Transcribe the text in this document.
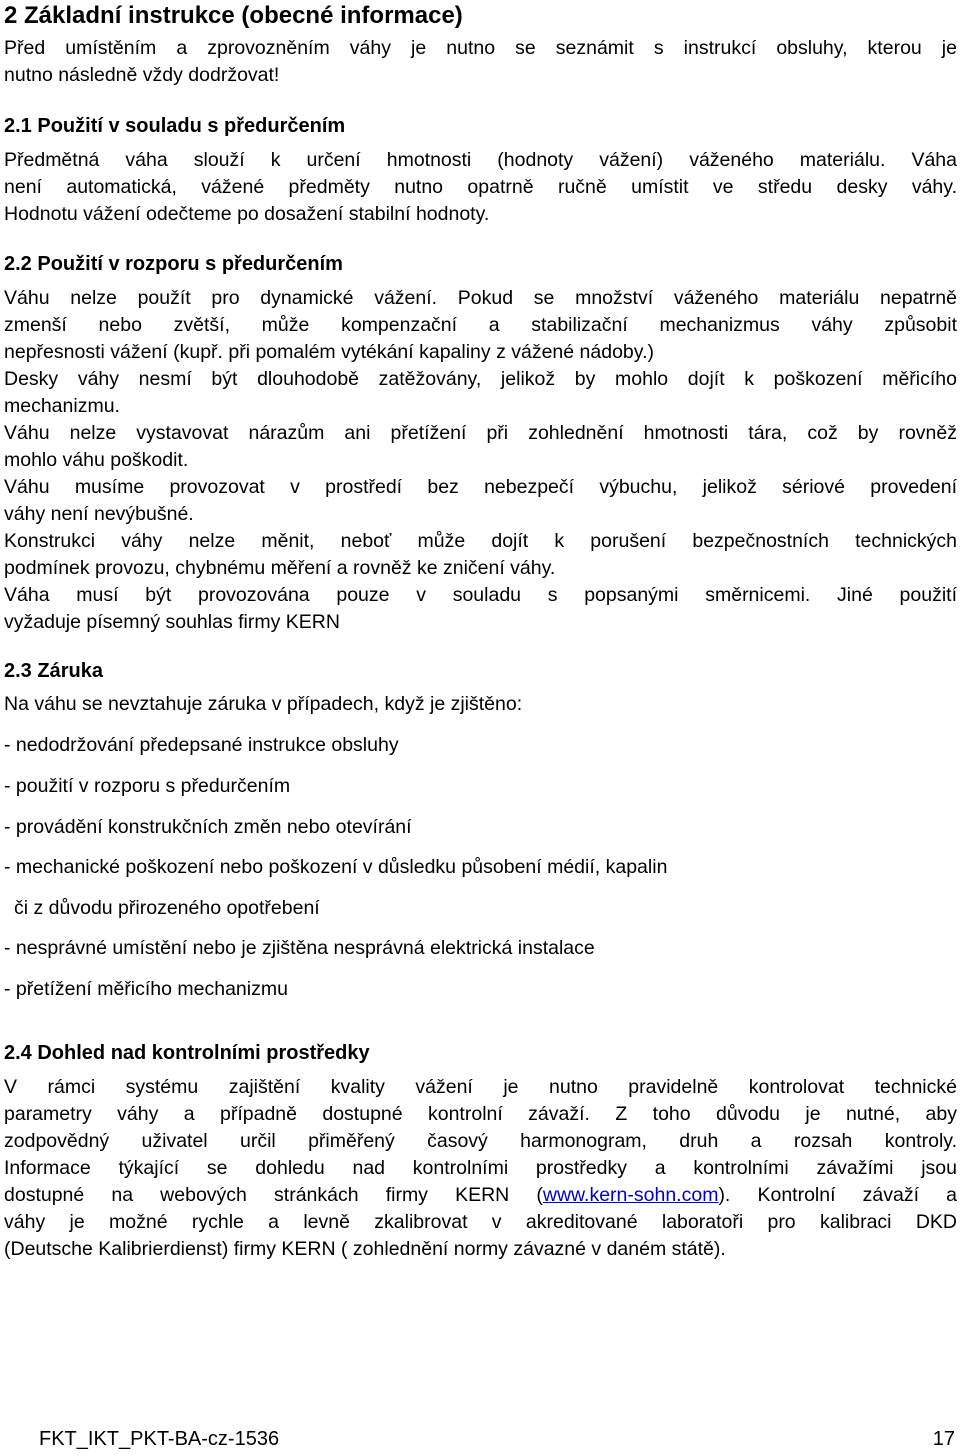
2 Základní instrukce (obecné informace)
Před umístěním a zprovozněním váhy je nutno se seznámit s instrukcí obsluhy, kterou je
nutno následně vždy dodržovat!
2.1 Použití v souladu s předurčením
Předmětná váha slouží k určení hmotnosti (hodnoty vážení) váženého materiálu. Váha
není automatická, vážené předměty nutno opatrně ručně umístit ve středu desky váhy.
Hodnotu vážení odečteme po dosažení stabilní hodnoty.
2.2 Použití v rozporu s předurčením
Váhu nelze použít pro dynamické vážení. Pokud se množství váženého materiálu nepatrně
zmenší nebo zvětší, může kompenzační a stabilizační mechanizmus váhy způsobit
nepřesnosti vážení (kupř. při pomalém vytékání kapaliny z vážené nádoby.)
Desky váhy nesmí být dlouhodobě zatěžovány, jelikož by mohlo dojít k poškození měřicího
mechanizmu.
Váhu nelze vystavovat nárazům ani přetížení při zohlednění hmotnosti tára, což by rovněž
mohlo váhu poškodit.
Váhu musíme provozovat v prostředí bez nebezpečí výbuchu, jelikož sériové provedení
váhy není nevýbušné.
Konstrukci váhy nelze měnit, neboť může dojít k porušení bezpečnostních technických
podmínek provozu, chybnému měření a rovněž ke zničení váhy.
Váha musí být provozována pouze v souladu s popsanými směrnicemi. Jiné použití
vyžaduje písemný souhlas firmy KERN
2.3 Záruka
Na váhu se nevztahuje záruka v případech, když je zjištěno:
- nedodržování předepsané instrukce obsluhy
- použití v rozporu s předurčením
- provádění konstrukčních změn nebo otevírání
- mechanické poškození nebo poškození v důsledku působení médií, kapalin
či z důvodu přirozeného opotřebení
- nesprávné umístění nebo je zjištěna nesprávná elektrická instalace
- přetížení měřicího mechanizmu
2.4 Dohled nad kontrolními prostředky
V rámci systému zajištění kvality vážení je nutno pravidelně kontrolovat technické
parametry váhy a případně dostupné kontrolní závaží. Z toho důvodu je nutné, aby
zodpovědný uživatel určil přiměřený časový harmonogram, druh a rozsah kontroly.
Informace týkající se dohledu nad kontrolními prostředky a kontrolními závažími jsou
dostupné na webových stránkách firmy KERN (www.kern-sohn.com). Kontrolní závaží a
váhy je možné rychle a levně zkalibrovat v akreditované laboratoři pro kalibraci DKD
(Deutsche Kalibrierdienst) firmy KERN ( zohlednění normy závazné v daném státě).
FKT_IKT_PKT-BA-cz-1536	17
